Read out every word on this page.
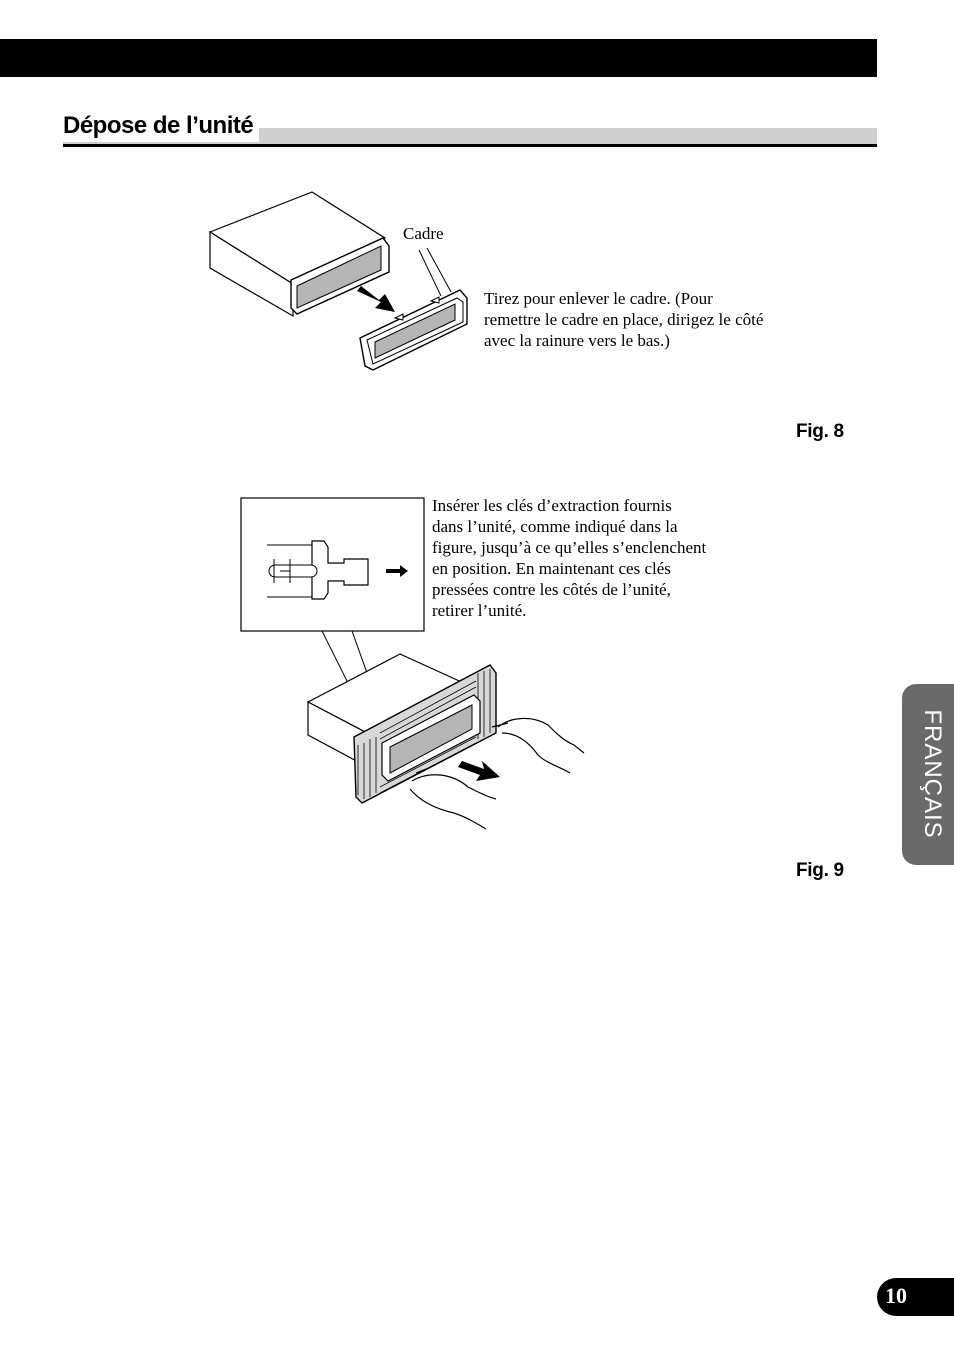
Dépose de l’unité
Cadre
Tirez pour enlever le cadre. (Pour
remettre le cadre en place, dirigez le côté
avec la rainure vers le bas.)
Fig. 8
Insérer les clés d’extraction fournis
dans l’unité, comme indiqué dans la
figure, jusqu’à ce qu’elles s’enclenchent
en position. En maintenant ces clés
pressées contre les côtés de l’unité,
retirer l’unité.
Fig. 9
FRANÇAIS
10
